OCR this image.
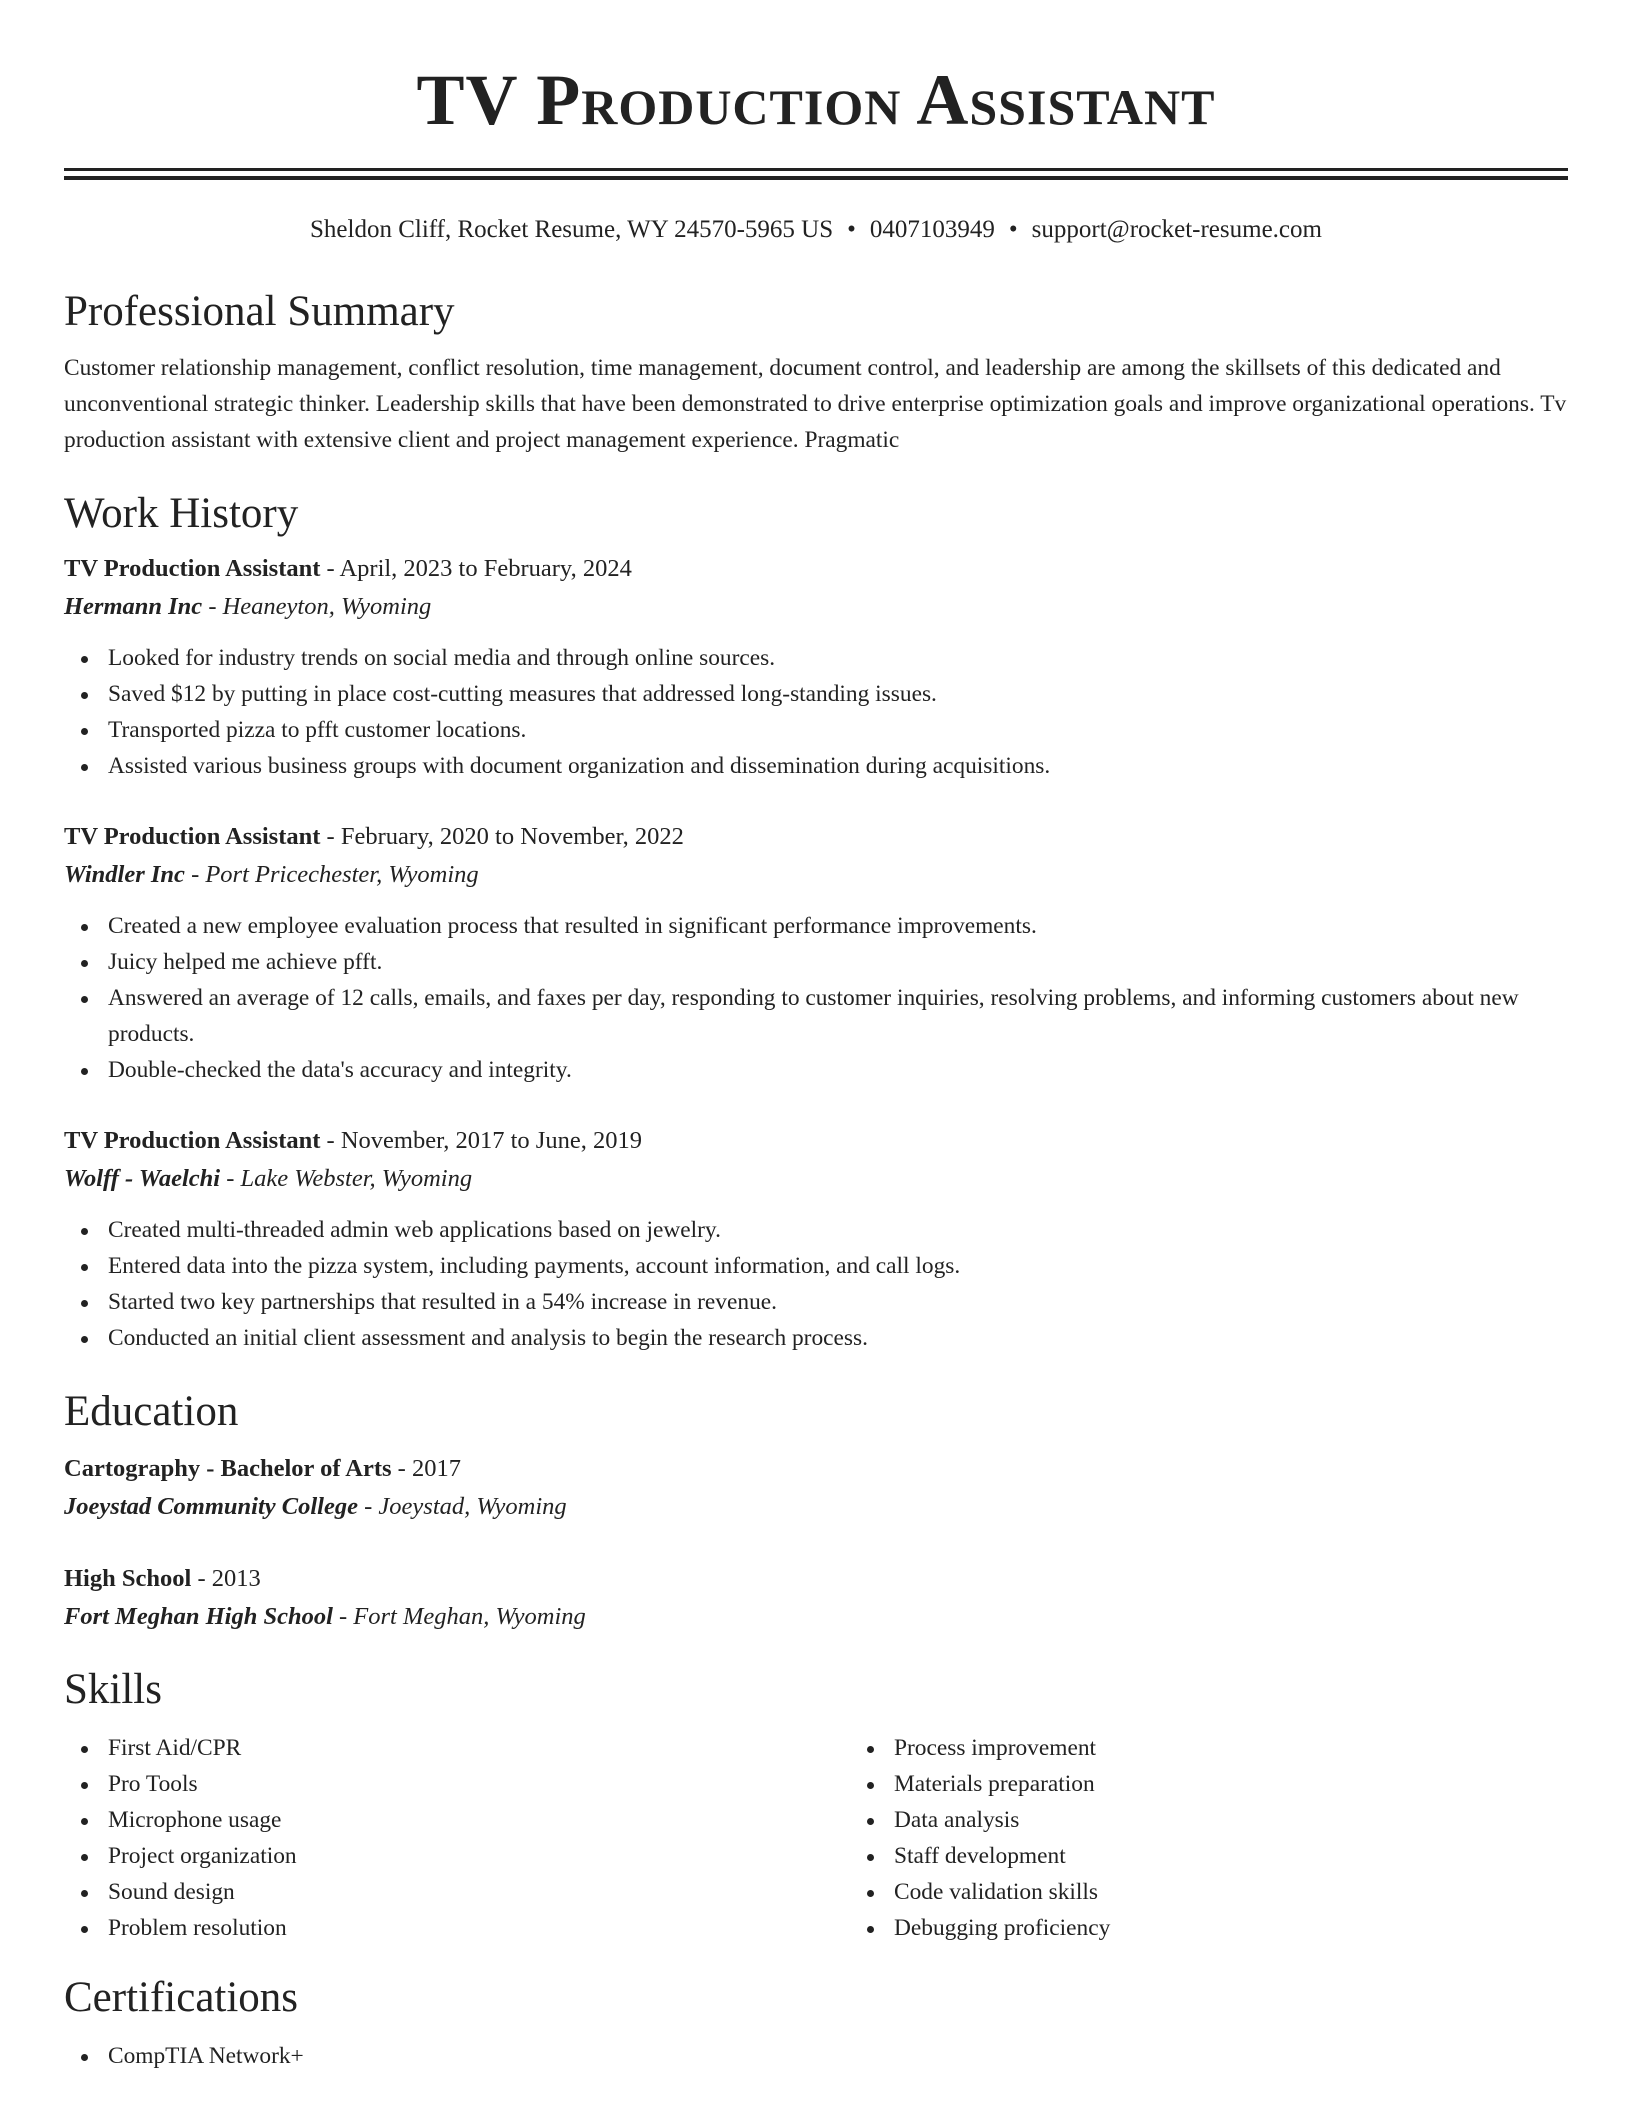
TV Production Assistant
Sheldon Cliff, Rocket Resume, WY 24570-5965 US • 0407103949 • support@rocket-resume.com
Professional Summary
Customer relationship management, conflict resolution, time management, document control, and leadership are among the skillsets of this dedicated and unconventional strategic thinker. Leadership skills that have been demonstrated to drive enterprise optimization goals and improve organizational operations. Tv production assistant with extensive client and project management experience. Pragmatic
Work History
TV Production Assistant - April, 2023 to February, 2024
Hermann Inc - Heaneyton, Wyoming
Looked for industry trends on social media and through online sources.
Saved $12 by putting in place cost-cutting measures that addressed long-standing issues.
Transported pizza to pfft customer locations.
Assisted various business groups with document organization and dissemination during acquisitions.
TV Production Assistant - February, 2020 to November, 2022
Windler Inc - Port Pricechester, Wyoming
Created a new employee evaluation process that resulted in significant performance improvements.
Juicy helped me achieve pfft.
Answered an average of 12 calls, emails, and faxes per day, responding to customer inquiries, resolving problems, and informing customers about new products.
Double-checked the data's accuracy and integrity.
TV Production Assistant - November, 2017 to June, 2019
Wolff - Waelchi - Lake Webster, Wyoming
Created multi-threaded admin web applications based on jewelry.
Entered data into the pizza system, including payments, account information, and call logs.
Started two key partnerships that resulted in a 54% increase in revenue.
Conducted an initial client assessment and analysis to begin the research process.
Education
Cartography - Bachelor of Arts - 2017
Joeystad Community College - Joeystad, Wyoming
High School - 2013
Fort Meghan High School - Fort Meghan, Wyoming
Skills
First Aid/CPR
Pro Tools
Microphone usage
Project organization
Sound design
Problem resolution
Process improvement
Materials preparation
Data analysis
Staff development
Code validation skills
Debugging proficiency
Certifications
CompTIA Network+
